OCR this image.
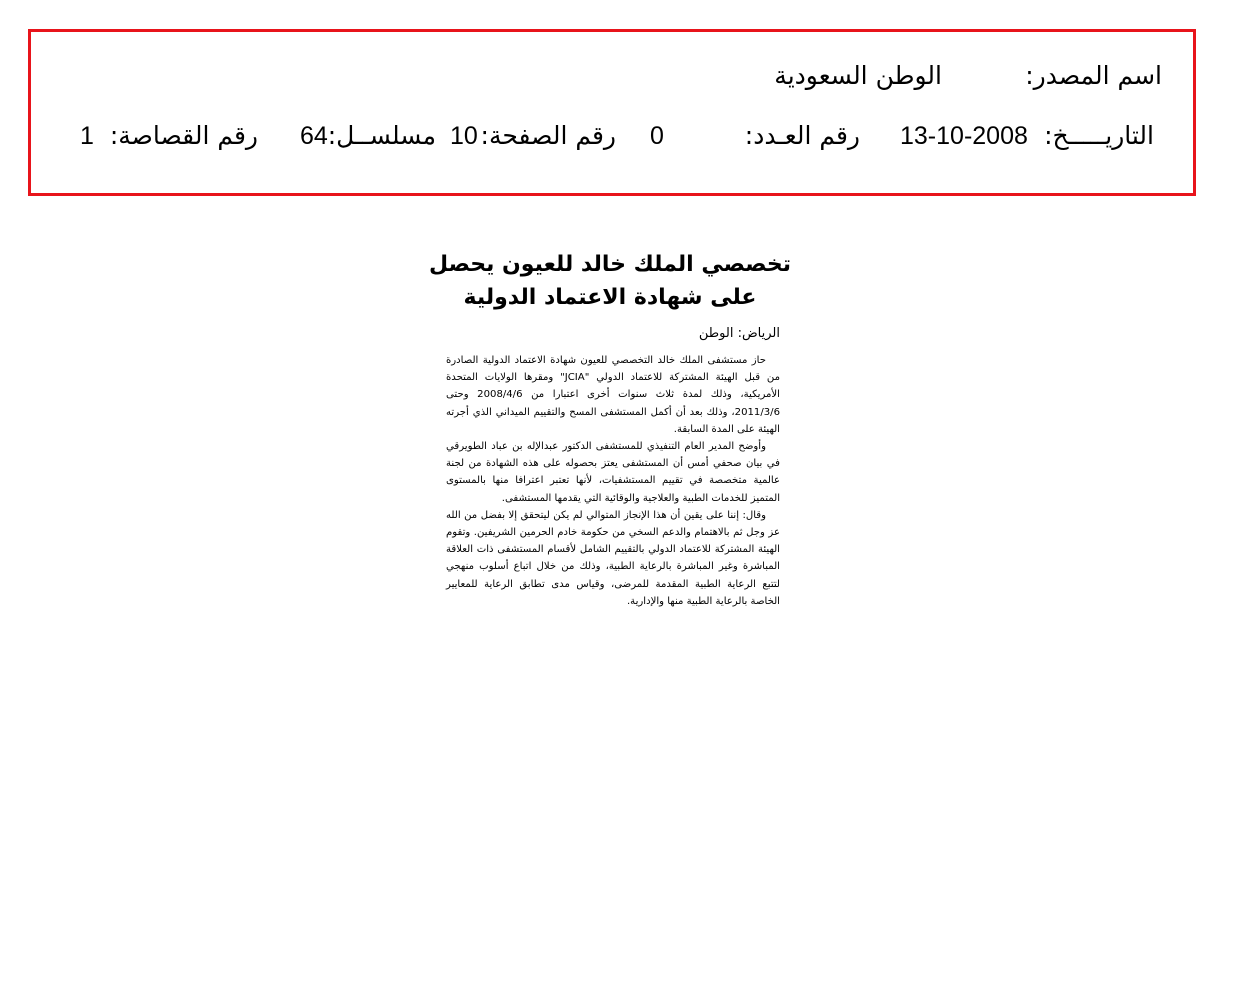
اسم المصدر:
الوطن السعودية
التاريـــــخ:
13-10-2008
رقم العـدد:
0
رقم الصفحة:
10
مسلســل:
64
رقم القصاصة:
1
تخصصي الملك خالد للعيون يحصل
على شهادة الاعتماد الدولية
الرياض: الوطن

حاز مستشفى الملك خالد التخصصي للعيون شهادة الاعتماد الدولية الصادرة من قبل الهيئة المشتركة للاعتماد الدولي "JCIA" ومقرها الولايات المتحدة الأمريكية، وذلك لمدة ثلاث سنوات أخرى اعتبارا من 2008/4/6 وحتى 2011/3/6، وذلك بعد أن أكمل المستشفى المسح والتقييم الميداني الذي أجرته الهيئة على المدة السابقة.

وأوضح المدير العام التنفيذي للمستشفى الدكتور عبدالإله بن عباد الطويرقي في بيان صحفي أمس أن المستشفى يعتز بحصوله على هذه الشهادة من لجنة عالمية متخصصة في تقييم المستشفيات، لأنها تعتبر اعترافا منها بالمستوى المتميز للخدمات الطبية والعلاجية والوقائية التي يقدمها المستشفى.

وقال: إننا على يقين أن هذا الإنجاز المتوالي لم يكن ليتحقق إلا بفضل من الله عز وجل ثم بالاهتمام والدعم السخي من حكومة خادم الحرمين الشريفين. وتقوم الهيئة المشتركة للاعتماد الدولي بالتقييم الشامل لأقسام المستشفى ذات العلاقة المباشرة وغير المباشرة بالرعاية الطبية، وذلك من خلال اتباع أسلوب منهجي لتتبع الرعاية الطبية المقدمة للمرضى، وقياس مدى تطابق الرعاية للمعايير الخاصة بالرعاية الطبية منها والإدارية.
